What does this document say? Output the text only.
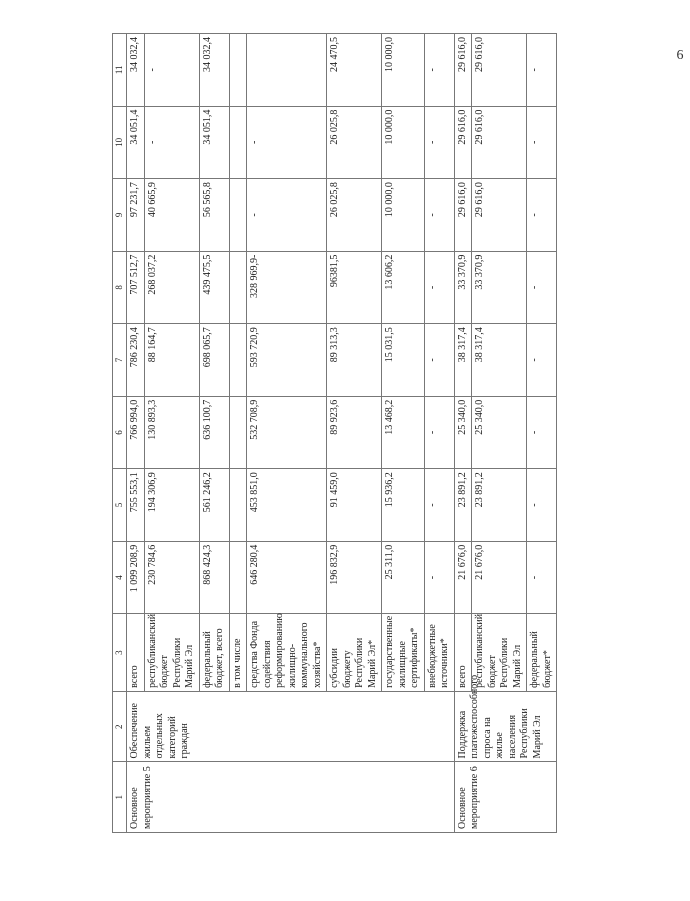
6
1	2	3	4	5	6	7	8	9	10	11
Основное мероприятие 5	Обеспечение жильем отдельных категорий граждан	всего	1 099 208,9	755 553,1	766 994,0	786 230,4	707 512,7	97 231,7	34 051,4	34 032,4
		республиканский бюджет Республики Марий Эл	230 784,6	194 306,9	130 893,3	88 164,7	268 037,2	40 665,9	-	-
		федеральный бюджет, всего	868 424,3	561 246,2	636 100,7	698 065,7	439 475,5	56 565,8	34 051,4	34 032,4
		в том числе								
		средства Фонда содействия реформированию жилищно-коммунального хозяйства*	646 280,4	453 851,0	532 708,9	593 720,9	328 969,9-	-	-	
		субсидии бюджету Республики Марий Эл*	196 832,9	91 459,0	89 923,6	89 313,3	96381,5	26 025,8	26 025,8	24 470,5
		государственные жилищные сертификаты*	25 311,0	15 936,2	13 468,2	15 031,5	13 606,2	10 000,0	10 000,0	10 000,0
		внебюджетные источники*	-	-	-	-	-	-	-	-
Основное мероприятие 6	Поддержка платежеспособного спроса на жилье населения Республики Марий Эл	всего	21 676,0	23 891,2	25 340,0	38 317,4	33 370,9	29 616,0	29 616,0	29 616,0
		республиканский бюджет Республики Марий Эл	21 676,0	23 891,2	25 340,0	38 317,4	33 370,9	29 616,0	29 616,0	29 616,0
		федеральный бюджет*	-	-	-	-	-	-	-	-
